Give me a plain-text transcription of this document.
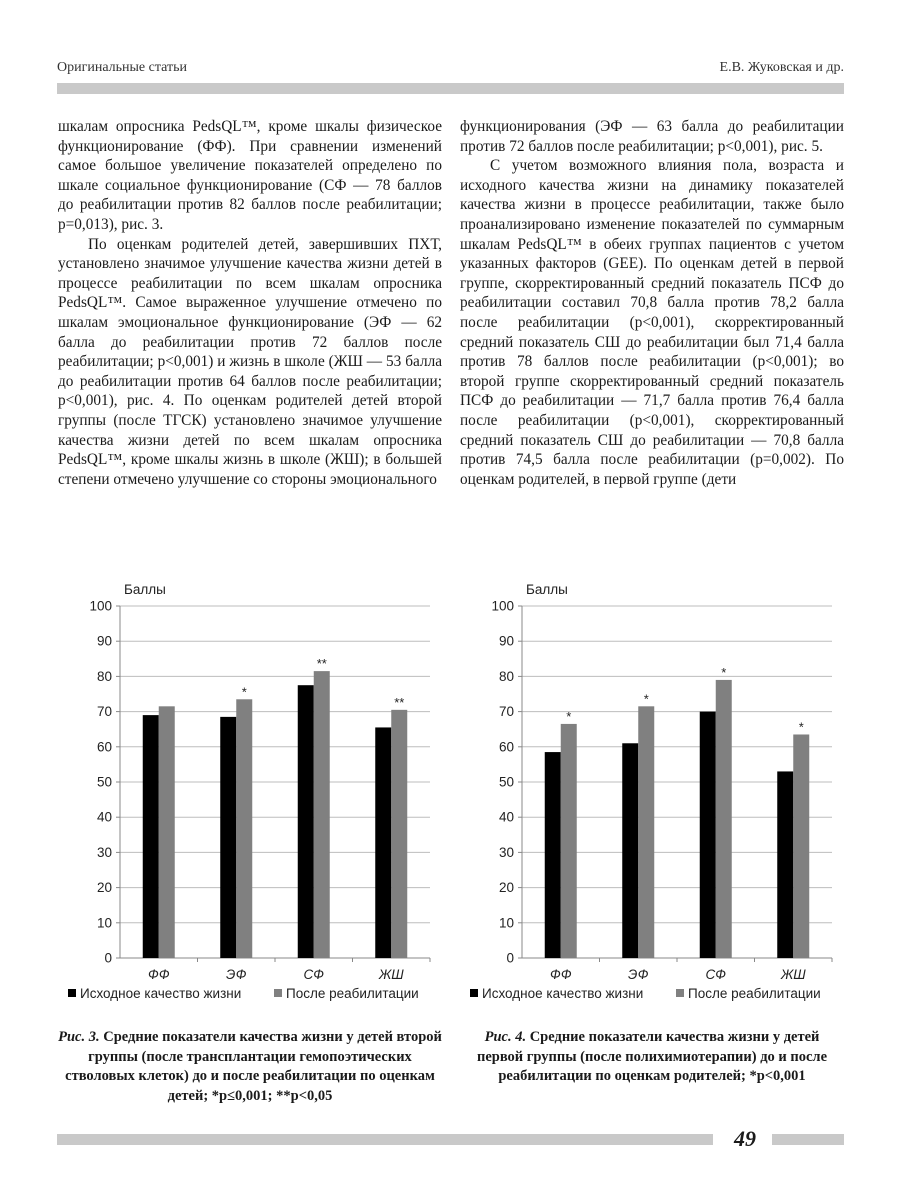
Оригинальные статьи	Е.В. Жуковская и др.

шкалам опросника PedsQL™, кроме шкалы физическое функционирование (ФФ). При сравнении изменений самое большое увеличение показателей определено по шкале социальное функционирование (СФ — 78 баллов до реабилитации против 82 баллов после реабилитации; p=0,013), рис. 3.

По оценкам родителей детей, завершивших ПХТ, установлено значимое улучшение качества жизни детей в процессе реабилитации по всем шкалам опросника PedsQL™. Самое выраженное улучшение отмечено по шкалам эмоциональное функционирование (ЭФ — 62 балла до реабилитации против 72 баллов после реабилитации; p<0,001) и жизнь в школе (ЖШ — 53 балла до реабилитации против 64 баллов после реабилитации; p<0,001), рис. 4. По оценкам родителей детей второй группы (после ТГСК) установлено значимое улучшение качества жизни детей по всем шкалам опросника PedsQL™, кроме шкалы жизнь в школе (ЖШ); в большей степени отмечено улучшение со стороны эмоционального

функционирования (ЭФ — 63 балла до реабилитации против 72 баллов после реабилитации; p<0,001), рис. 5.

С учетом возможного влияния пола, возраста и исходного качества жизни на динамику показателей качества жизни в процессе реабилитации, также было проанализировано изменение показателей по суммарным шкалам PedsQL™ в обеих группах пациентов с учетом указанных факторов (GEE). По оценкам детей в первой группе, скорректированный средний показатель ПСФ до реабилитации составил 70,8 балла против 78,2 балла после реабилитации (p<0,001), скорректированный средний показатель СШ до реабилитации был 71,4 балла против 78 баллов после реабилитации (p<0,001); во второй группе скорректированный средний показатель ПСФ до реабилитации — 71,7 балла против 76,4 балла после реабилитации (p<0,001), скорректированный средний показатель СШ до реабилитации — 70,8 балла против 74,5 балла после реабилитации (p=0,002). По оценкам родителей, в первой группе (дети

Баллы
0
10
20
30
40
50
60
70
80
90
100
ФФ
*
ЭФ
**
СФ
**
ЖШ
Исходное качество жизни	После реабилитации
Баллы
0
10
20
30
40
50
60
70
80
90
100
*
ФФ
*
ЭФ
*
СФ
*
ЖШ
Исходное качество жизни	После реабилитации
Рис. 3. Средние показатели качества жизни у детей второй группы (после трансплантации гемопоэтических стволовых клеток) до и после реабилитации по оценкам детей; *p≤0,001; **p<0,05
Рис. 4. Средние показатели качества жизни у детей первой группы (после полихимиотерапии) до и после реабилитации по оценкам родителей; *p<0,001
49
